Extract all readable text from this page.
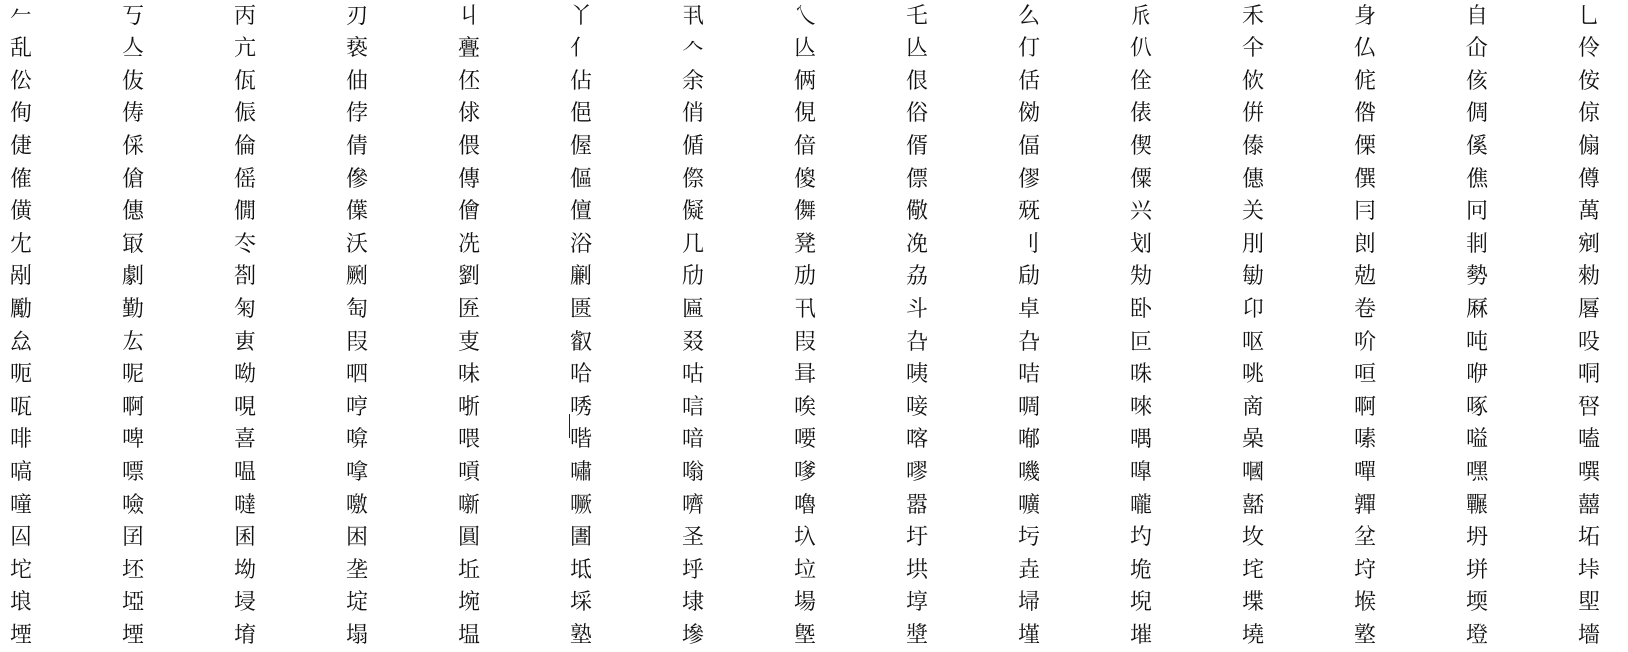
𠂉	丂	丙	刃	丩	丫	丮	乀	乇	么	𠂢	禾	身	自	乚
乱	亼	亢	亵	亹	亻	𠆢	亾	亾	仃	仈	仐	仏	仚	伶
伀	伖	佤	伷	伾	佔	余	俩	佷	佸	佺	佽	侂	侅	侒
侚	俦	侲	侼	俅	俋	俏	俔	俗	俲	俵	倂	倃	倜	倞
倢	倸	倫	倩	偎	偓	偱	偣	偦	偪	偰	傣	傈	傒	傓
傕	傖	傜	傪	傳	傴	傺	傻	僄	僇	僳	僡	僎	僬	僔
僙	僡	僩	僷	儈	儃	儗	儛	儆	兓	兴	关	冃	冋	萬
冘	冣	冭	沃	冼	浴	几	凳	凂	刂	划	刖	剆	剕	剜
剐	劇	剳	劂	劉	劆	劤	劢	劦	劶	劮	勄	勊	勢	勑
勵	勤	匊	匋	匥	匮	匾	卂	斗	卓	卧	卬	卷	厤	厬
厽	厷	叀	叚	叓	叡	叕	叚	叴	叴	叵	呕	吤	吨	吺
呃	呢	呦	呬	味	哈	咕	咠	咦	咭	咮	咷	咺	咿	哃
咓	啊	哯	哼	哳	唀	唁	唉	唼	啁	唻	啇	啊	啄	唘
啡	啤	喜	啽	喂	喈	喑	喓	喀	喐	喁	喿	嗉	嗌	嗑
嗃	嘌	嗢	嗱	嗊	嘯	嗡	嗲	嘐	嘰	嘷	嘓	嘽	嘿	噀
噇	噞	噠	噭	噺	噘	嚌	嚕	嚣	嚝	嚨	嚭	嚲	囅	囍
囜	囝	囷	困	圓	圕	圣	圦	圩	圬	圴	坆	坌	坍	坧
坨	坯	坳	垄	坵	坻	垀	垃	垬	垚	垝	垞	垨	垪	垰
埌	埡	埐	埞	埦	埰	埭	場	埻	埽	堄	堞	堠	堧	堲
堙	堙	堉	塌	塭	塾	墋	墍	墏	墐	墔	墝	墪	墱	墻
